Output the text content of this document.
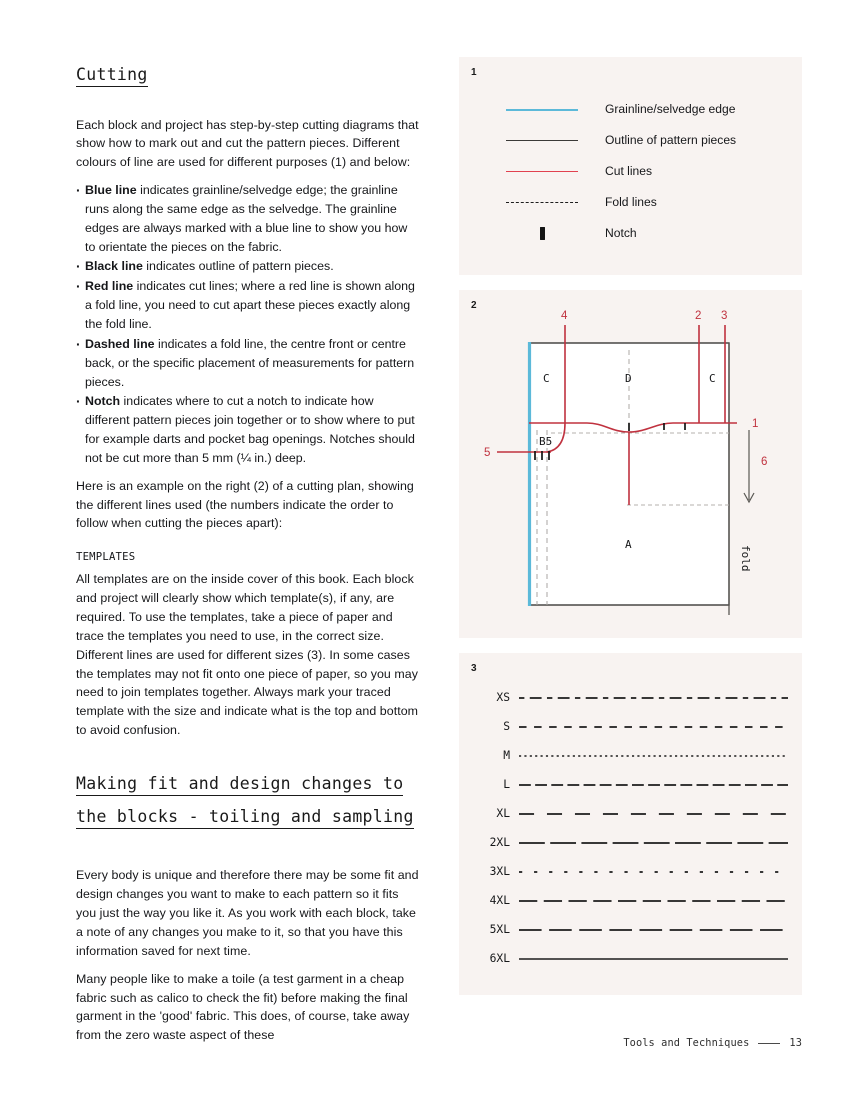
Cutting

Each block and project has step-by-step cutting diagrams that show how to mark out and cut the pattern pieces. Different colours of line are used for different purposes (1) and below:

· Blue line indicates grainline/selvedge edge; the grainline runs along the same edge as the selvedge. The grainline edges are always marked with a blue line to show you how to orientate the pieces on the fabric.
· Black line indicates outline of pattern pieces.
· Red line indicates cut lines; where a red line is shown along a fold line, you need to cut apart these pieces exactly along the fold line.
· Dashed line indicates a fold line, the centre front or centre back, or the specific placement of measurements for pattern pieces.
· Notch indicates where to cut a notch to indicate how different pattern pieces join together or to show where to put for example darts and pocket bag openings. Notches should not be cut more than 5 mm (¼ in.) deep.

Here is an example on the right (2) of a cutting plan, showing the different lines used (the numbers indicate the order to follow when cutting the pieces apart):

TEMPLATES

All templates are on the inside cover of this book. Each block and project will clearly show which template(s), if any, are required. To use the templates, take a piece of paper and trace the templates you need to use, in the correct size. Different lines are used for different sizes (3). In some cases the templates may not fit onto one piece of paper, so you may need to join templates together. Always mark your traced template with the size and indicate what is the top and bottom to avoid confusion.

Making fit and design changes to
the blocks - toiling and sampling

Every body is unique and therefore there may be some fit and design changes you want to make to each pattern so it fits you just the way you like it. As you work with each block, take a note of any changes you make to it, so that you have this information saved for next time.

Many people like to make a toile (a test garment in a cheap fabric such as calico to check the fit) before making the final garment in the 'good' fabric. This does, of course, take away from the zero waste aspect of these

1
Grainline/selvedge edge
Outline of pattern pieces
Cut lines
Fold lines
Notch
2
C	D	C
B5
A
1
2 3
4
5
6
fold
3
XS
S
M
L
XL
2XL
3XL
4XL
5XL
6XL
Tools and Techniques	13
